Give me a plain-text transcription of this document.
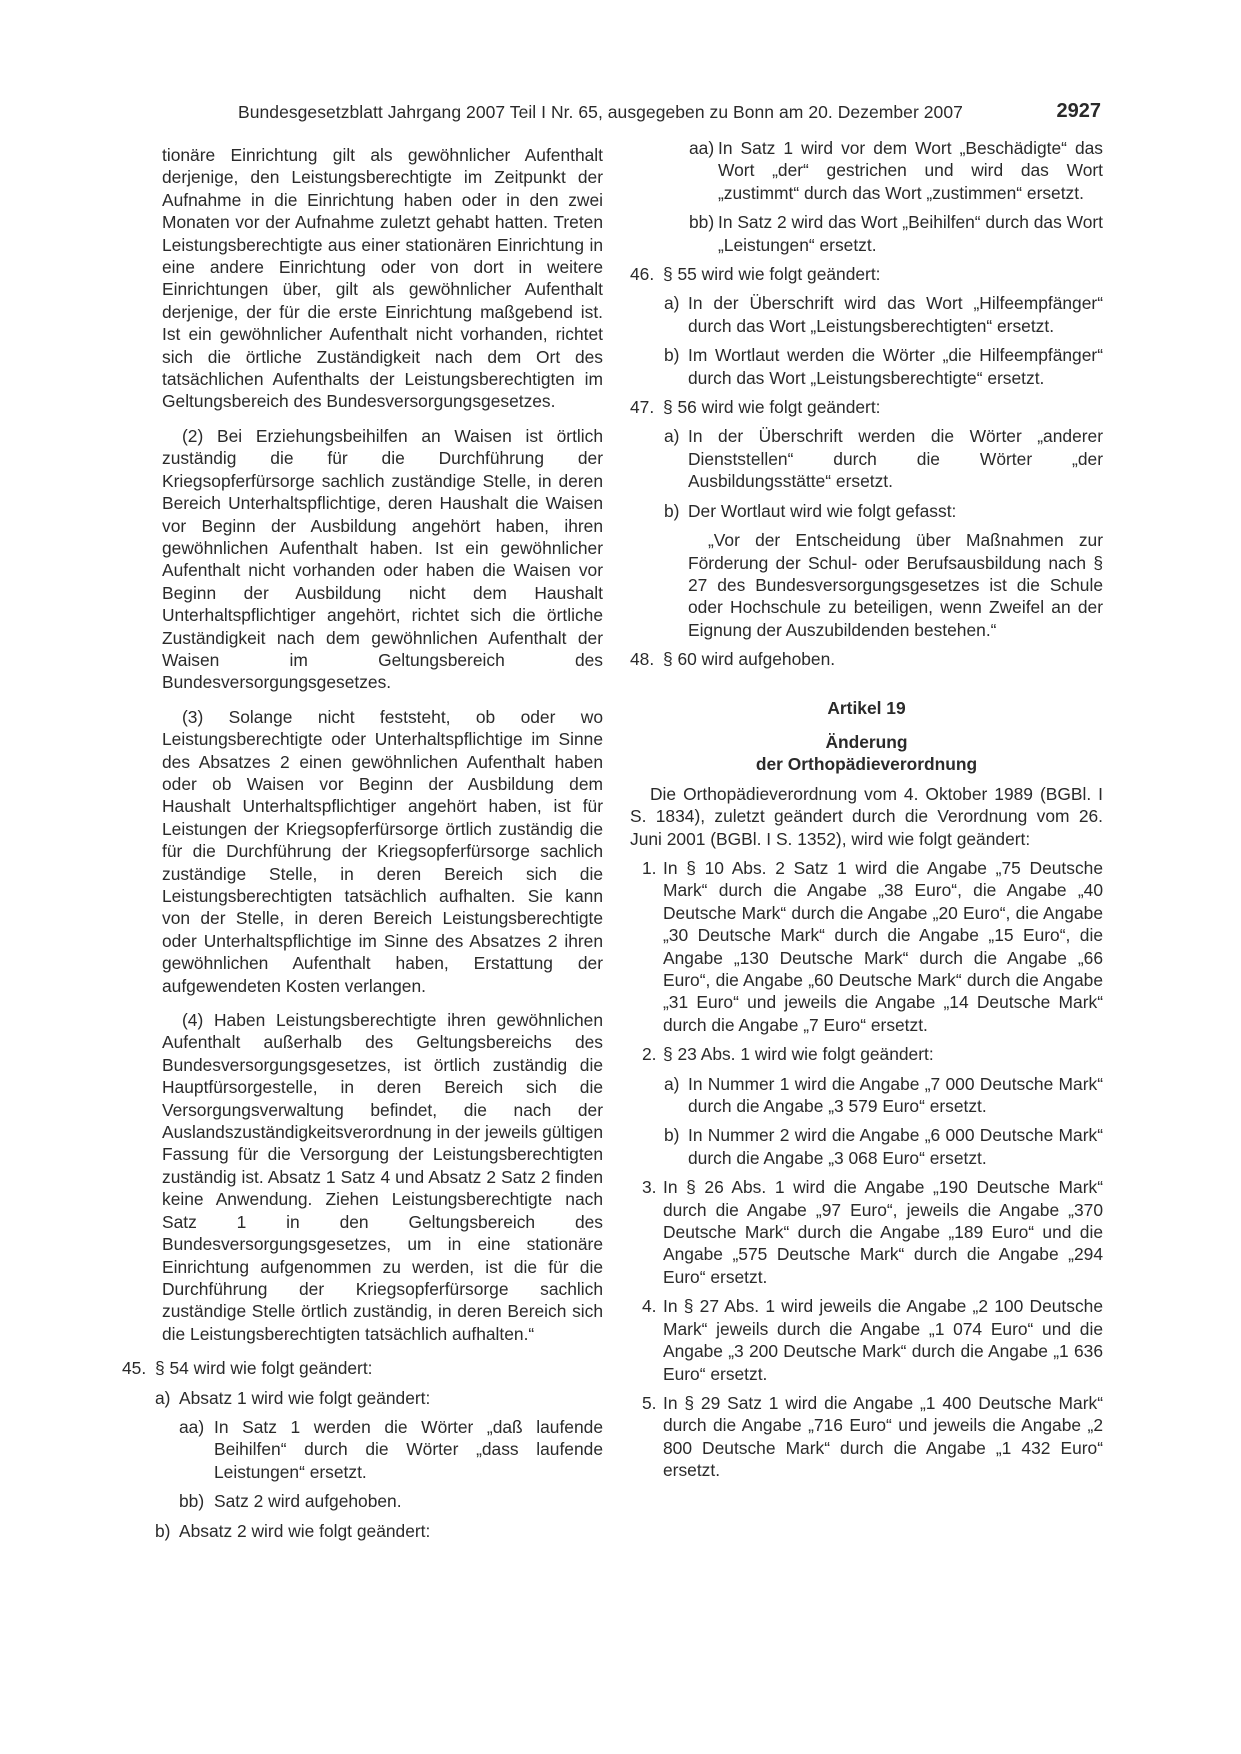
Bundesgesetzblatt Jahrgang 2007 Teil I Nr. 65, ausgegeben zu Bonn am 20. Dezember 2007	2927

tionäre Einrichtung gilt als gewöhnlicher Aufenthalt derjenige, den Leistungsberechtigte im Zeitpunkt der Aufnahme in die Einrichtung haben oder in den zwei Monaten vor der Aufnahme zuletzt gehabt hatten. Treten Leistungsberechtigte aus einer stationären Einrichtung in eine andere Einrichtung oder von dort in weitere Einrichtungen über, gilt als gewöhnlicher Aufenthalt derjenige, der für die erste Einrichtung maßgebend ist. Ist ein gewöhnlicher Aufenthalt nicht vorhanden, richtet sich die örtliche Zuständigkeit nach dem Ort des tatsächlichen Aufenthalts der Leistungsberechtigten im Geltungsbereich des Bundesversorgungsgesetzes.

(2) Bei Erziehungsbeihilfen an Waisen ist örtlich zuständig die für die Durchführung der Kriegsopferfürsorge sachlich zuständige Stelle, in deren Bereich Unterhaltspflichtige, deren Haushalt die Waisen vor Beginn der Ausbildung angehört haben, ihren gewöhnlichen Aufenthalt haben. Ist ein gewöhnlicher Aufenthalt nicht vorhanden oder haben die Waisen vor Beginn der Ausbildung nicht dem Haushalt Unterhaltspflichtiger angehört, richtet sich die örtliche Zuständigkeit nach dem gewöhnlichen Aufenthalt der Waisen im Geltungsbereich des Bundesversorgungsgesetzes.

(3) Solange nicht feststeht, ob oder wo Leistungsberechtigte oder Unterhaltspflichtige im Sinne des Absatzes 2 einen gewöhnlichen Aufenthalt haben oder ob Waisen vor Beginn der Ausbildung dem Haushalt Unterhaltspflichtiger angehört haben, ist für Leistungen der Kriegsopferfürsorge örtlich zuständig die für die Durchführung der Kriegsopferfürsorge sachlich zuständige Stelle, in deren Bereich sich die Leistungsberechtigten tatsächlich aufhalten. Sie kann von der Stelle, in deren Bereich Leistungsberechtigte oder Unterhaltspflichtige im Sinne des Absatzes 2 ihren gewöhnlichen Aufenthalt haben, Erstattung der aufgewendeten Kosten verlangen.

(4) Haben Leistungsberechtigte ihren gewöhnlichen Aufenthalt außerhalb des Geltungsbereichs des Bundesversorgungsgesetzes, ist örtlich zuständig die Hauptfürsorgestelle, in deren Bereich sich die Versorgungsverwaltung befindet, die nach der Auslandszuständigkeitsverordnung in der jeweils gültigen Fassung für die Versorgung der Leistungsberechtigten zuständig ist. Absatz 1 Satz 4 und Absatz 2 Satz 2 finden keine Anwendung. Ziehen Leistungsberechtigte nach Satz 1 in den Geltungsbereich des Bundesversorgungsgesetzes, um in eine stationäre Einrichtung aufgenommen zu werden, ist die für die Durchführung der Kriegsopferfürsorge sachlich zuständige Stelle örtlich zuständig, in deren Bereich sich die Leistungsberechtigten tatsächlich aufhalten.“

45. § 54 wird wie folgt geändert:
a) Absatz 1 wird wie folgt geändert:
aa) In Satz 1 werden die Wörter „daß laufende Beihilfen“ durch die Wörter „dass laufende Leistungen“ ersetzt.
bb) Satz 2 wird aufgehoben.
b) Absatz 2 wird wie folgt geändert:
aa) In Satz 1 wird vor dem Wort „Beschädigte“ das Wort „der“ gestrichen und wird das Wort „zustimmt“ durch das Wort „zustimmen“ ersetzt.
bb) In Satz 2 wird das Wort „Beihilfen“ durch das Wort „Leistungen“ ersetzt.
46. § 55 wird wie folgt geändert:
a) In der Überschrift wird das Wort „Hilfeempfänger“ durch das Wort „Leistungsberechtigten“ ersetzt.
b) Im Wortlaut werden die Wörter „die Hilfeempfänger“ durch das Wort „Leistungsberechtigte“ ersetzt.
47. § 56 wird wie folgt geändert:
a) In der Überschrift werden die Wörter „anderer Dienststellen“ durch die Wörter „der Ausbildungsstätte“ ersetzt.
b) Der Wortlaut wird wie folgt gefasst:

„Vor der Entscheidung über Maßnahmen zur Förderung der Schul- oder Berufsausbildung nach § 27 des Bundesversorgungsgesetzes ist die Schule oder Hochschule zu beteiligen, wenn Zweifel an der Eignung der Auszubildenden bestehen.“

48. § 60 wird aufgehoben.

Artikel 19

Änderung

der Orthopädieverordnung

Die Orthopädieverordnung vom 4. Oktober 1989 (BGBl. I S. 1834), zuletzt geändert durch die Verordnung vom 26. Juni 2001 (BGBl. I S. 1352), wird wie folgt geändert:

1. In § 10 Abs. 2 Satz 1 wird die Angabe „75 Deutsche Mark“ durch die Angabe „38 Euro“, die Angabe „40 Deutsche Mark“ durch die Angabe „20 Euro“, die Angabe „30 Deutsche Mark“ durch die Angabe „15 Euro“, die Angabe „130 Deutsche Mark“ durch die Angabe „66 Euro“, die Angabe „60 Deutsche Mark“ durch die Angabe „31 Euro“ und jeweils die Angabe „14 Deutsche Mark“ durch die Angabe „7 Euro“ ersetzt.
2. § 23 Abs. 1 wird wie folgt geändert:
a) In Nummer 1 wird die Angabe „7 000 Deutsche Mark“ durch die Angabe „3 579 Euro“ ersetzt.
b) In Nummer 2 wird die Angabe „6 000 Deutsche Mark“ durch die Angabe „3 068 Euro“ ersetzt.
3. In § 26 Abs. 1 wird die Angabe „190 Deutsche Mark“ durch die Angabe „97 Euro“, jeweils die Angabe „370 Deutsche Mark“ durch die Angabe „189 Euro“ und die Angabe „575 Deutsche Mark“ durch die Angabe „294 Euro“ ersetzt.
4. In § 27 Abs. 1 wird jeweils die Angabe „2 100 Deutsche Mark“ jeweils durch die Angabe „1 074 Euro“ und die Angabe „3 200 Deutsche Mark“ durch die Angabe „1 636 Euro“ ersetzt.
5. In § 29 Satz 1 wird die Angabe „1 400 Deutsche Mark“ durch die Angabe „716 Euro“ und jeweils die Angabe „2 800 Deutsche Mark“ durch die Angabe „1 432 Euro“ ersetzt.
